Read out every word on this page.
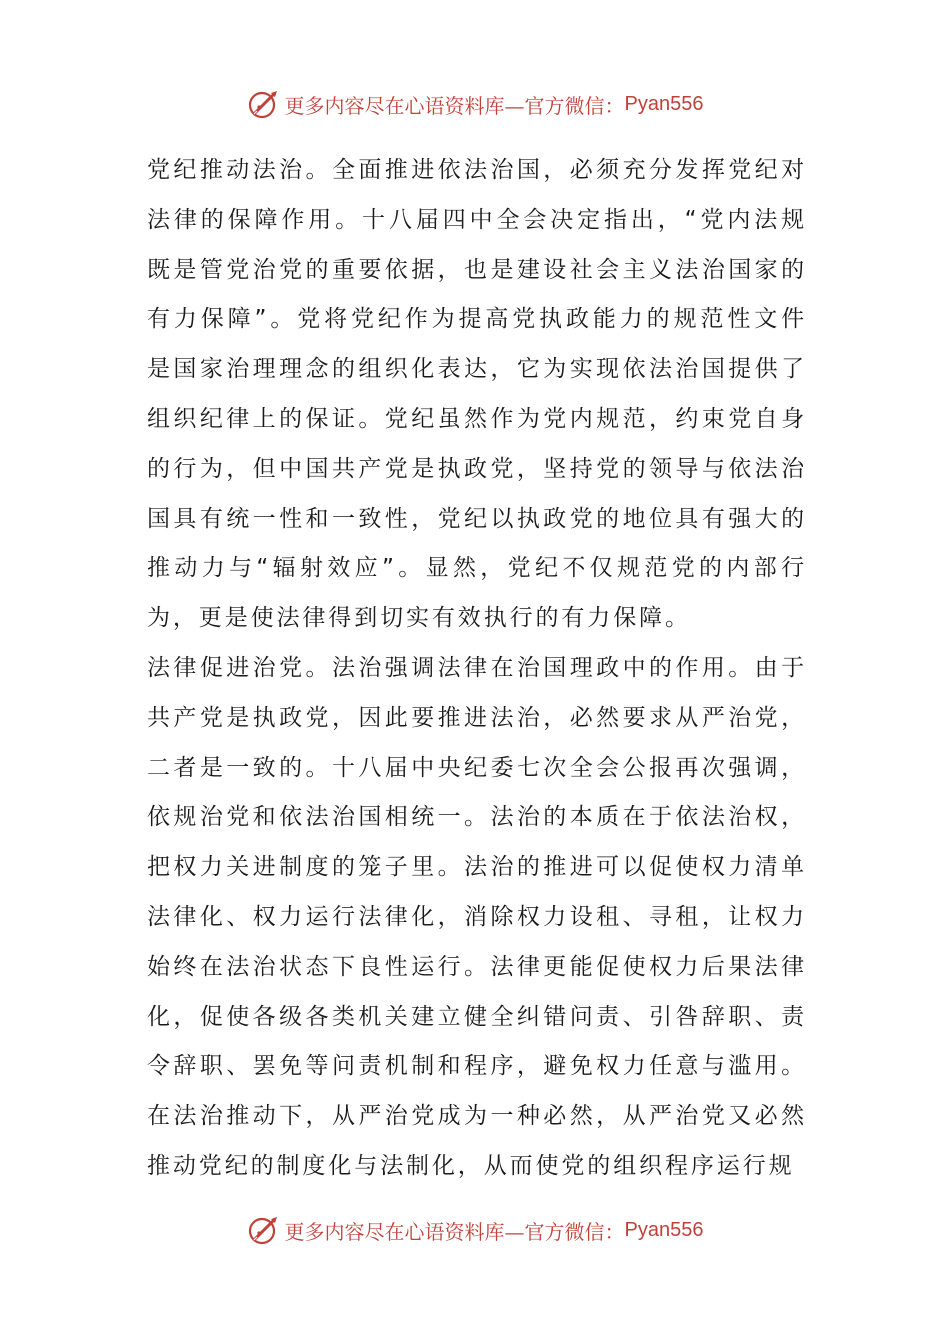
更多内容尽在心语资料库—官方微信： Pyan556

党纪推动法治。全面推进依法治国，必须充分发挥党纪对法律的保障作用。十八届四中全会决定指出，“党内法规既是管党治党的重要依据，也是建设社会主义法治国家的有力保障”。党将党纪作为提高党执政能力的规范性文件是国家治理理念的组织化表达，它为实现依法治国提供了组织纪律上的保证。党纪虽然作为党内规范，约束党自身的行为，但中国共产党是执政党，坚持党的领导与依法治国具有统一性和一致性，党纪以执政党的地位具有强大的推动力与“辐射效应”。显然，党纪不仅规范党的内部行为，更是使法律得到切实有效执行的有力保障。

法律促进治党。法治强调法律在治国理政中的作用。由于共产党是执政党，因此要推进法治，必然要求从严治党，二者是一致的。十八届中央纪委七次全会公报再次强调，依规治党和依法治国相统一。法治的本质在于依法治权，把权力关进制度的笼子里。法治的推进可以促使权力清单法律化、权力运行法律化，消除权力设租、寻租，让权力始终在法治状态下良性运行。法律更能促使权力后果法律化，促使各级各类机关建立健全纠错问责、引咎辞职、责令辞职、罢免等问责机制和程序，避免权力任意与滥用。在法治推动下，从严治党成为一种必然，从严治党又必然推动党纪的制度化与法制化，从而使党的组织程序运行规

更多内容尽在心语资料库—官方微信： Pyan556
